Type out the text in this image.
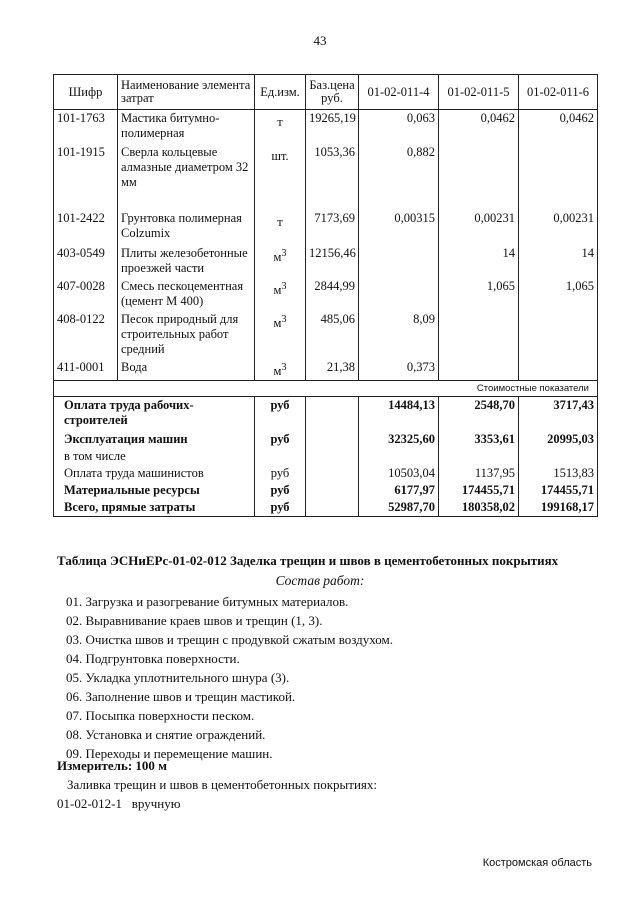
43
Шифр	Наименование элемента затрат	Ед.изм.	Баз.цена руб.	01-02-011-4	01-02-011-5	01-02-011-6
101-1763	Мастика битумно-полимерная	т	19265,19	0,063	0,0462	0,0462
101-1915	Сверла кольцевые алмазные диаметром 32 мм	шт.	1053,36	0,882		
101-2422	Грунтовка полимерная Colzumix	т	7173,69	0,00315	0,00231	0,00231
403-0549	Плиты железобетонные проезжей части	$м^3$	12156,46		14	14
407-0028	Смесь пескоцементная (цемент М 400)	$м^3$	2844,99		1,065	1,065
408-0122	Песок природный для строительных работ средний	$м^3$	485,06	8,09		
411-0001	Вода	$м^3$	21,38	0,373		
Стоимостные показатели						
Оплата труда рабочих-строителей		руб		14484,13	2548,70	3717,43
Эксплуатация машин		руб		32325,60	3353,61	20995,03
в том числе						
Оплата труда машинистов		руб		10503,04	1137,95	1513,83
Материальные ресурсы		руб		6177,97	174455,71	174455,71
Всего, прямые затраты		руб		52987,70	180358,02	199168,17
Таблица ЭСНиЕРс-01-02-012 Заделка трещин и швов в цементобетонных покрытиях
Состав работ:
01. Загрузка и разогревание битумных материалов.
02. Выравнивание краев швов и трещин (1, 3).
03. Очистка швов и трещин с продувкой сжатым воздухом.
04. Подгрунтовка поверхности.
05. Укладка уплотнительного шнура (3).
06. Заполнение швов и трещин мастикой.
07. Посыпка поверхности песком.
08. Установка и снятие ограждений.
09. Переходы и перемещение машин.
Измеритель: 100 м
Заливка трещин и швов в цементобетонных покрытиях:
01-02-012-1 вручную
Костромская область
